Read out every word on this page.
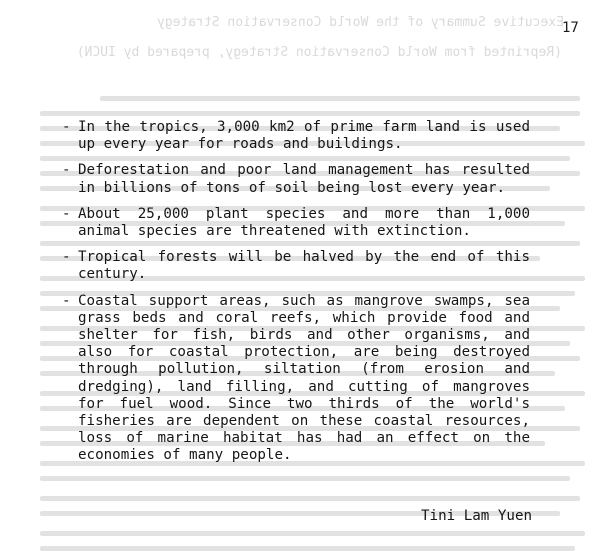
Executive Summary of the World Conservation Strategy
(Reprinted from World Conservation Strategy, prepared by IUCN)
17
- In the tropics, 3,000 km2 of prime farm land is used up every year for roads and buildings.
- Deforestation and poor land management has resulted in billions of tons of soil being lost every year.
- About 25,000 plant species and more than 1,000 animal species are threatened with extinction.
- Tropical forests will be halved by the end of this century.
- Coastal support areas, such as mangrove swamps, sea grass beds and coral reefs, which provide food and shelter for fish, birds and other organisms, and also for coastal protection, are being destroyed through pollution, siltation (from erosion and dredging), land filling, and cutting of mangroves for fuel wood. Since two thirds of the world's fisheries are dependent on these coastal resources, loss of marine habitat has had an effect on the economies of many people.
Tini Lam Yuen
